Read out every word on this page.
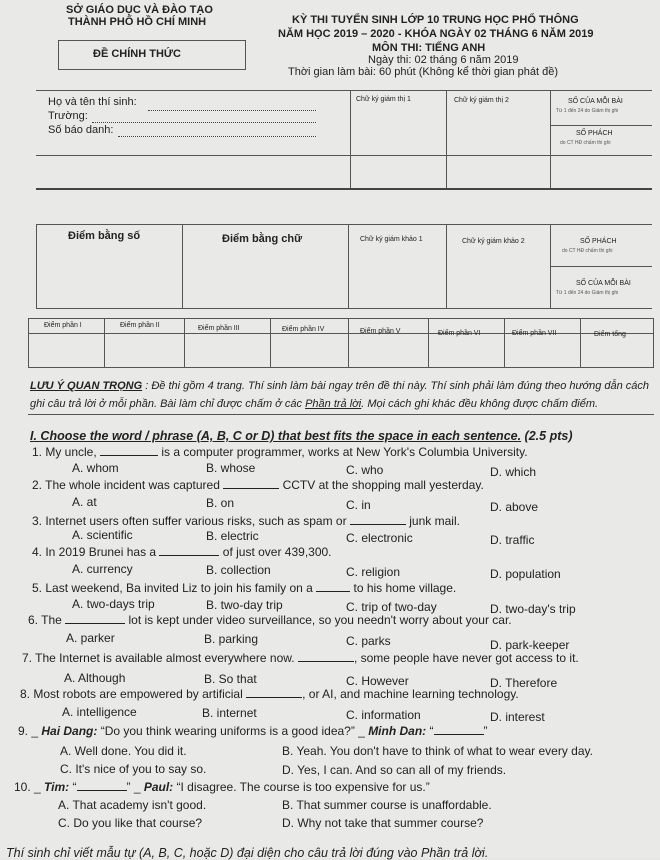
SỞ GIÁO DỤC VÀ ĐÀO TẠO
THÀNH PHỐ HỒ CHÍ MINH
ĐỀ CHÍNH THỨC
KỲ THI TUYỂN SINH LỚP 10 TRUNG HỌC PHỔ THÔNG
NĂM HỌC 2019 – 2020 - KHÓA NGÀY 02 THÁNG 6 NĂM 2019
MÔN THI: TIẾNG ANH
Ngày thi: 02 tháng 6 năm 2019
Thời gian làm bài: 60 phút (Không kể thời gian phát đề)
Họ và tên thí sinh:
Trường:
Số báo danh:
Chữ ký giám thị 1	Chữ ký giám thị 2	SỐ CỦA MỖI BÀI
Từ 1 đến 24 do Giám thị ghi
SỐ PHÁCH
do CT HĐ chấm thi ghi
Điểm bằng số	Điểm bằng chữ	Chữ ký giám khảo 1	Chữ ký giám khảo 2	SỐ PHÁCH
do CT HĐ chấm thi ghi
SỐ CỦA MỖI BÀI
Từ 1 đến 24 do Giám thị ghi
Điểm phần I	Điểm phần II	Điểm phần III	Điểm phần IV	Điểm phần V	Điểm phần VI	Điểm phần VII	Điểm tổng
LƯU Ý QUAN TRỌNG : Đề thi gồm 4 trang. Thí sinh làm bài ngay trên đề thi này. Thí sinh phải làm đúng theo hướng dẫn cách
ghi câu trả lời ở mỗi phần. Bài làm chỉ được chấm ở các Phần trả lời. Mọi cách ghi khác đều không được chấm điểm.
I. Choose the word / phrase (A, B, C or D) that best fits the space in each sentence. (2.5 pts)
1. My uncle,	is a computer programmer, works at New York's Columbia University.
A. whom	B. whose	C. who	D. which
2. The whole incident was captured	CCTV at the shopping mall yesterday.
A. at	B. on	C. in	D. above
3. Internet users often suffer various risks, such as spam or	junk mail.
A. scientific	B. electric	C. electronic	D. traffic
4. In 2019 Brunei has a	of just over 439,300.
A. currency	B. collection	C. religion	D. population
5. Last weekend, Ba invited Liz to join his family on a	to his home village.
A. two-days trip	B. two-day trip	C. trip of two-day	D. two-day's trip
6. The	lot is kept under video surveillance, so you needn't worry about your car.
A. parker	B. parking	C. parks	D. park-keeper
7. The Internet is available almost everywhere now.	, some people have never got access to it.
A. Although	B. So that	C. However	D. Therefore
8. Most robots are empowered by artificial	, or AI, and machine learning technology.
A. intelligence	B. internet	C. information	D. interest
9. _ Hai Dang: “Do you think wearing uniforms is a good idea?” _ Minh Dan: “	”
A. Well done. You did it.	B. Yeah. You don't have to think of what to wear every day.
C. It's nice of you to say so.	D. Yes, I can. And so can all of my friends.
10. _ Tim: “	” _ Paul: “I disagree. The course is too expensive for us.”
A. That academy isn't good.	B. That summer course is unaffordable.
C. Do you like that course?	D. Why not take that summer course?
Thí sinh chỉ viết mẫu tự (A, B, C, hoặc D) đại diện cho câu trả lời đúng vào Phần trả lời.
